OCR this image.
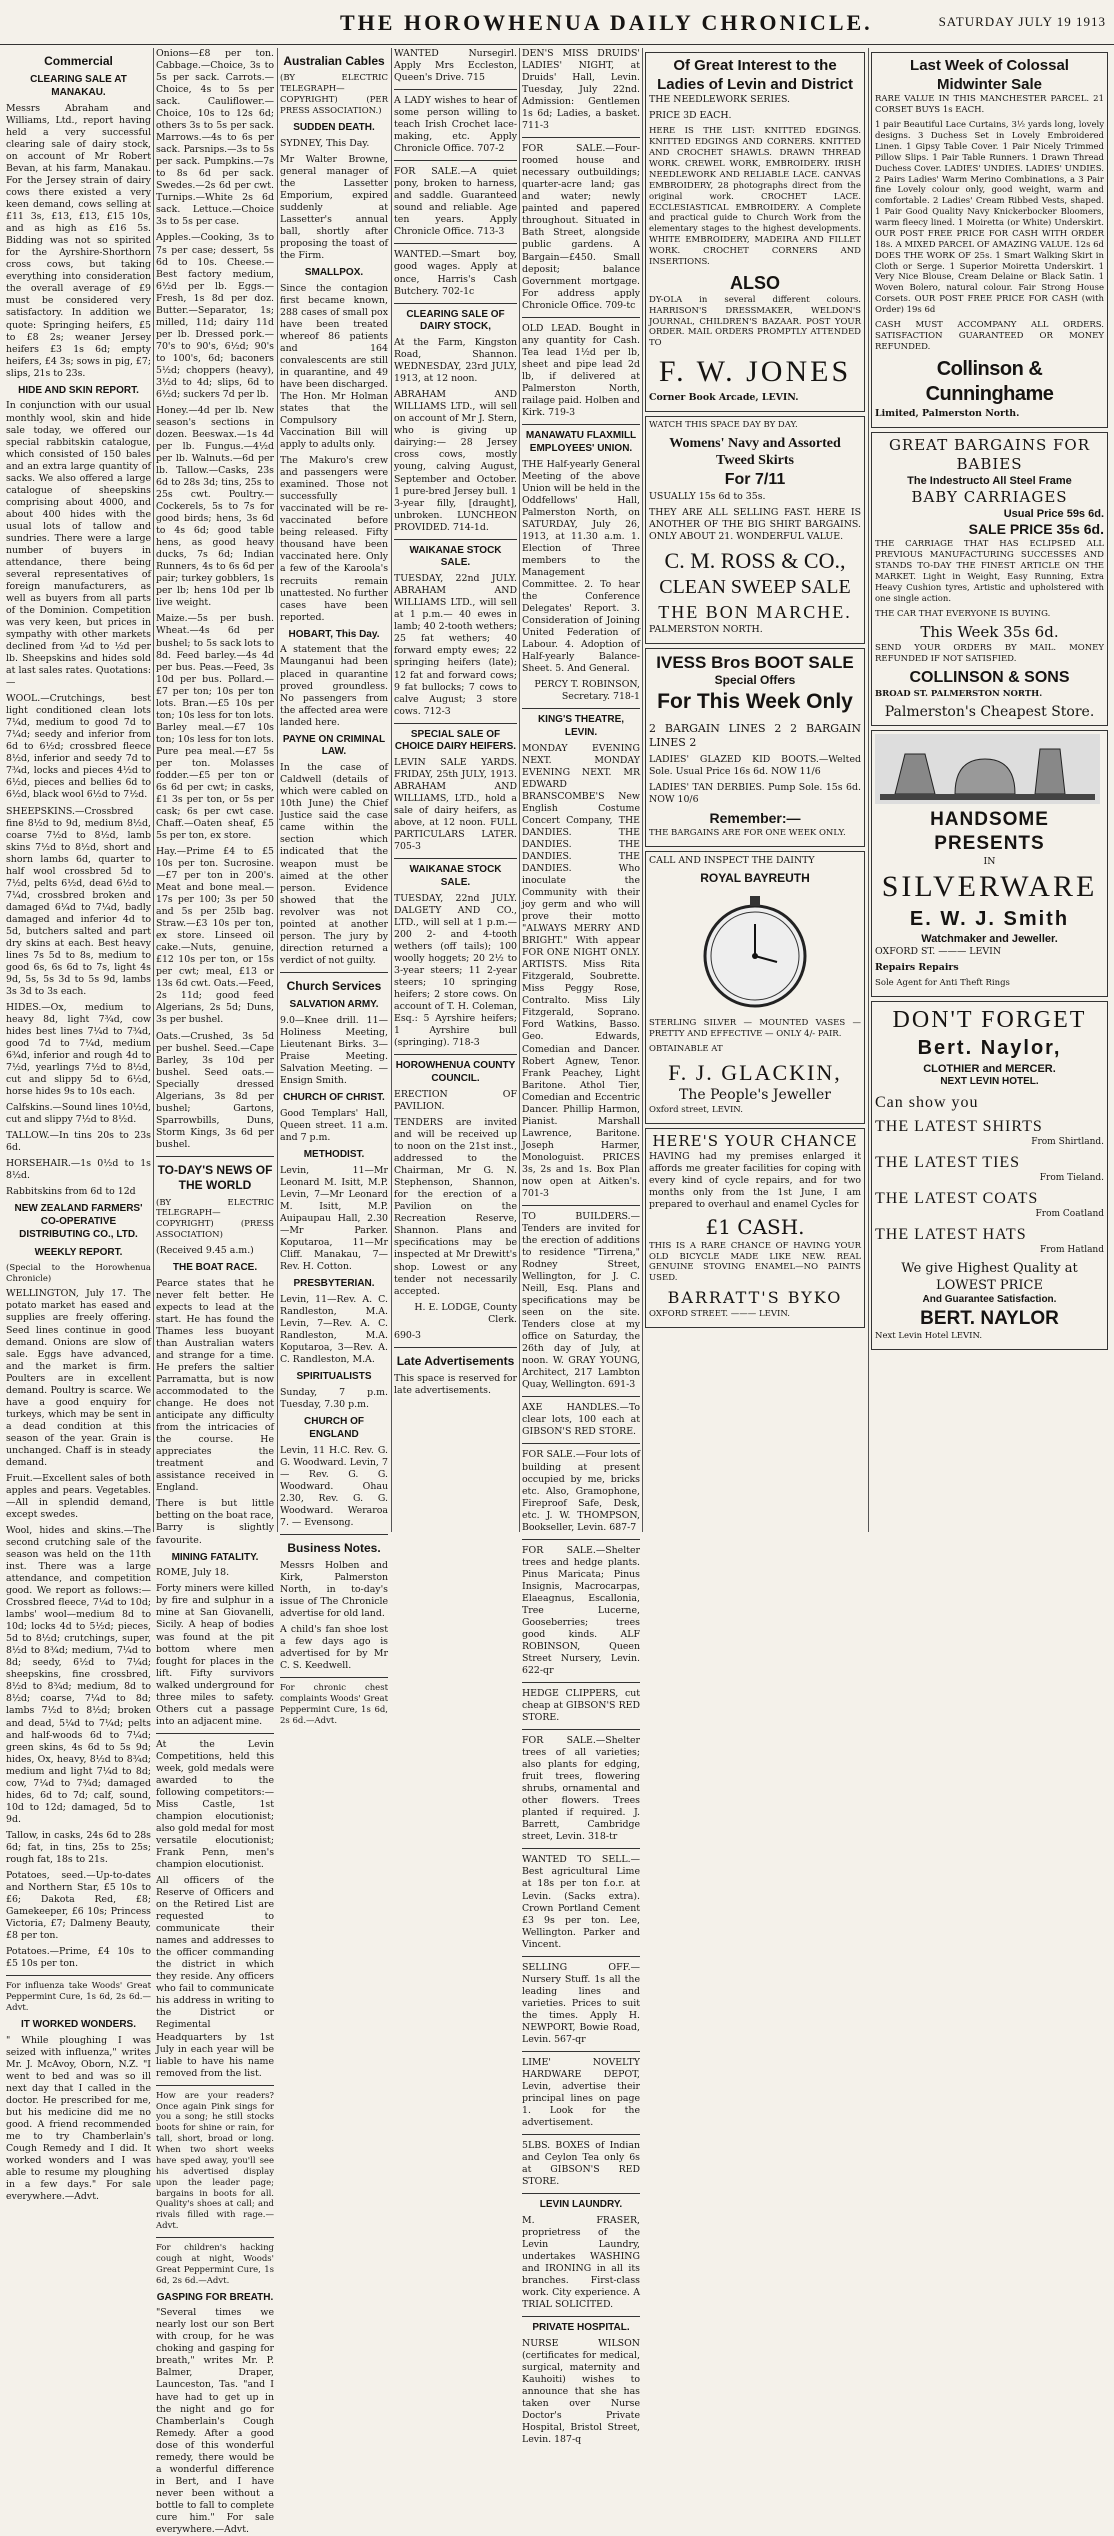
THE HOROWHENUA DAILY CHRONICLE.	SATURDAY JULY 19 1913
Commercial
CLEARING SALE AT MANAKAU.

Messrs Abraham and Williams, Ltd., report having held a very successful clearing sale of dairy stock, on account of Mr Robert Bevan, at his farm, Manakau. For the Jersey strain of dairy cows there existed a very keen demand, cows selling at £11 3s, £13, £13, £15 10s, and as high as £16 5s. Bidding was not so spirited for the Ayrshire-Shorthorn cross cows, but taking everything into consideration the overall average of £9 must be considered very satisfactory. In addition we quote: Springing heifers, £5 to £8 2s; weaner Jersey heifers £3 1s 6d; empty heifers, £4 3s; sows in pig, £7; slips, 21s to 23s.

HIDE AND SKIN REPORT.

In conjunction with our usual monthly wool, skin and hide sale today, we offered our special rabbitskin catalogue, which consisted of 150 bales and an extra large quantity of sacks. We also offered a large catalogue of sheepskins comprising about 4000, and about 400 hides with the usual lots of tallow and sundries. There were a large number of buyers in attendance, there being several representatives of foreign manufacturers, as well as buyers from all parts of the Dominion. Competition was very keen, but prices in sympathy with other markets declined from ¼d to ½d per lb. Sheepskins and hides sold at last sales rates. Quotations:—

WOOL.—Crutchings, best light conditioned clean lots 7¼d, medium to good 7d to 7¼d; seedy and inferior from 6d to 6½d; crossbred fleece 8½d, inferior and seedy 7d to 7¾d, locks and pieces 4½d to 6½d, pieces and bellies 6d to 6½d, black wool 6½d to 7½d.

SHEEPSKINS.—Crossbred fine 8½d to 9d, medium 8½d, coarse 7½d to 8½d, lamb skins 7½d to 8½d, short and shorn lambs 6d, quarter to half wool crossbred 5d to 7½d, pelts 6½d, dead 6½d to 7¼d, crossbred broken and damaged 6¼d to 7¼d, badly damaged and inferior 4d to 5d, butchers salted and part dry skins at each. Best heavy lines 7s 5d to 8s, medium to good 6s, 6s 6d to 7s, light 4s 9d, 5s, 5s 3d to 5s 9d, lambs 3s 3d to 3s each.

HIDES.—Ox, medium to heavy 8d, light 7¾d, cow hides best lines 7¼d to 7¾d, good 7d to 7¼d, medium 6¾d, inferior and rough 4d to 7½d, yearlings 7½d to 8½d, cut and slippy 5d to 6½d, horse hides 9s to 10s each.

Calfskins.—Sound lines 10½d, cut and slippy 7½d to 8½d.

TALLOW.—In tins 20s to 23s 6d.

HORSEHAIR.—1s 0½d to 1s 8½d.

Rabbitskins from 6d to 12d

NEW ZEALAND FARMERS' CO-OPERATIVE DISTRIBUTING CO., LTD.
WEEKLY REPORT.

(Special to the Horowhenua Chronicle)

WELLINGTON, July 17. The potato market has eased and supplies are freely offering. Seed lines continue in good demand. Onions are slow of sale. Eggs have advanced, and the market is firm. Poulters are in excellent demand. Poultry is scarce. We have a good enquiry for turkeys, which may be sent in a dead condition at this season of the year. Grain is unchanged. Chaff is in steady demand.

Fruit.—Excellent sales of both apples and pears. Vegetables.—All in splendid demand, except swedes.

Wool, hides and skins.—The second crutching sale of the season was held on the 11th inst. There was a large attendance, and competition good. We report as follows:—Crossbred fleece, 7¼d to 10d; lambs' wool—medium 8d to 10d; locks 4d to 5½d; pieces, 5d to 8½d; crutchings, super, 8½d to 8¾d; medium, 7¼d to 8d; seedy, 6½d to 7¼d; sheepskins, fine crossbred, 8½d to 8¾d; medium, 8d to 8½d; coarse, 7¼d to 8d; lambs 7½d to 8½d; broken and dead, 5¼d to 7¼d; pelts and half-woods 6d to 7¼d; green skins, 4s 6d to 5s 9d; hides, Ox, heavy, 8½d to 8¾d; medium and light 7¼d to 8d; cow, 7¼d to 7¾d; damaged hides, 6d to 7d; calf, sound, 10d to 12d; damaged, 5d to 9d.

Tallow, in casks, 24s 6d to 28s 6d; fat, in tins, 25s to 25s; rough fat, 18s to 21s.

Potatoes, seed.—Up-to-dates and Northern Star, £5 10s to £6; Dakota Red, £8; Gamekeeper, £6 10s; Princess Victoria, £7; Dalmeny Beauty, £8 per ton.

Potatoes.—Prime, £4 10s to £5 10s per ton.

For influenza take Woods' Great Peppermint Cure, 1s 6d, 2s 6d.—Advt.

IT WORKED WONDERS.

" While ploughing I was seized with influenza," writes Mr. J. McAvoy, Oborn, N.Z. "I went to bed and was so ill next day that I called in the doctor. He prescribed for me, but his medicine did me no good. A friend recommended me to try Chamberlain's Cough Remedy and I did. It worked wonders and I was able to resume my ploughing in a few days." For sale everywhere.—Advt.

Onions—£8 per ton. Cabbage.—Choice, 3s to 5s per sack. Carrots.—Choice, 4s to 5s per sack. Cauliflower.—Choice, 10s to 12s 6d; others 3s to 5s per sack. Marrows.—4s to 6s per sack. Parsnips.—3s to 5s per sack. Pumpkins.—7s to 8s 6d per sack. Swedes.—2s 6d per cwt. Turnips.—White 2s 6d sack. Lettuce.—Choice 3s to 5s per case.

Apples.—Cooking, 3s to 7s per case; dessert, 5s 6d to 10s. Cheese.—Best factory medium, 6½d per lb. Eggs.—Fresh, 1s 8d per doz. Butter.—Separator, 1s; milled, 11d; dairy 11d per lb. Dressed pork.—70's to 90's, 6½d; 90's to 100's, 6d; baconers 5½d; choppers (heavy), 3½d to 4d; slips, 6d to 6½d; suckers 7d per lb.

Honey.—4d per lb. New season's sections in dozen. Beeswax.—1s 4d per lb. Fungus.—4½d per lb. Walnuts.—6d per lb. Tallow.—Casks, 23s 6d to 28s 3d; tins, 25s to 25s cwt. Poultry.—Cockerels, 5s to 7s for good birds; hens, 3s 6d to 4s 6d; good table hens, as good heavy ducks, 7s 6d; Indian Runners, 4s to 6s 6d per pair; turkey gobblers, 1s per lb; hens 10d per lb live weight.

Maize.—5s per bush. Wheat.—4s 6d per bushel; to 5s sack lots to 8d. Feed barley.—4s 4d per bus. Peas.—Feed, 3s 10d per bus. Pollard.—£7 per ton; 10s per ton lots. Bran.—£5 10s per ton; 10s less for ton lots. Barley meal.—£7 10s ton; 10s less for ton lots. Pure pea meal.—£7 5s per ton. Molasses fodder.—£5 per ton or 6s 6d per cwt; in casks, £1 3s per ton, or 5s per cask; 6s per cwt case. Chaff.—Oaten sheaf, £5 5s per ton, ex store.

Hay.—Prime £4 to £5 10s per ton. Sucrosine.—£7 per ton in 200's. Meat and bone meal.—17s per 100; 3s per 50 and 5s per 25lb bag. Straw.—£3 10s per ton, ex store. Linseed oil cake.—Nuts, genuine, £12 10s per ton, or 15s per cwt; meal, £13 or 13s 6d cwt. Oats.—Feed, 2s 11d; good feed Algerians, 2s 5d; Duns, 3s per bushel.

Oats.—Crushed, 3s 5d per bushel. Seed.—Cape Barley, 3s 10d per bushel. Seed oats.—Specially dressed Algerians, 3s 8d per bushel; Gartons, Sparrowbills, Duns, Storm Kings, 3s 6d per bushel.

TO-DAY'S NEWS OF THE WORLD

(BY ELECTRIC TELEGRAPH—COPYRIGHT) (PRESS ASSOCIATION)

(Received 9.45 a.m.)

THE BOAT RACE.

Pearce states that he never felt better. He expects to lead at the start. He has found the Thames less buoyant than Australian waters and strange for a time. He prefers the saltier Parramatta, but is now accommodated to the change. He does not anticipate any difficulty from the intricacies of the course. He appreciates the treatment and assistance received in England.

There is but little betting on the boat race, Barry is slightly favourite.

MINING FATALITY.

ROME, July 18.

Forty miners were killed by fire and sulphur in a mine at San Giovanelli, Sicily. A heap of bodies was found at the pit bottom where men fought for places in the lift. Fifty survivors walked underground for three miles to safety. Others cut a passage into an adjacent mine.

At the Levin Competitions, held this week, gold medals were awarded to the following competitors:—Miss Castle, 1st champion elocutionist; also gold medal for most versatile elocutionist; Frank Penn, men's champion elocutionist.

All officers of the Reserve of Officers and on the Retired List are requested to communicate their names and addresses to the officer commanding the district in which they reside. Any officers who fail to communicate his address in writing to the District or Regimental Headquarters by 1st July in each year will be liable to have his name removed from the list.

How are your readers? Once again Pink sings for you a song; he still stocks boots for shine or rain, for tall, short, broad or long. When two short weeks have sped away, you'll see his advertised display upon the leader page; bargains in boots for all. Quality's shoes at call; and rivals filled with rage.—Advt.

For children's hacking cough at night, Woods' Great Peppermint Cure, 1s 6d, 2s 6d.—Advt.

GASPING FOR BREATH.

"Several times we nearly lost our son Bert with croup, for he was choking and gasping for breath," writes Mr. P. Balmer, Draper, Launceston, Tas. "and I have had to get up in the night and go for Chamberlain's Cough Remedy. After a good dose of this wonderful remedy, there would be a wonderful difference in Bert, and I have never been without a bottle to fall to complete cure him." For sale everywhere.—Advt.

Australian Cables

(BY ELECTRIC TELEGRAPH—COPYRIGHT) (PER PRESS ASSOCIATION.)

SUDDEN DEATH.

SYDNEY, This Day.

Mr Walter Browne, general manager of the Lassetter Emporium, expired suddenly at Lassetter's annual ball, shortly after proposing the toast of the Firm.

SMALLPOX.

Since the contagion first became known, 288 cases of small pox have been treated whereof 86 patients and 164 convalescents are still in quarantine, and 49 have been discharged. The Hon. Mr Holman states that the Compulsory Vaccination Bill will apply to adults only.

The Makuro's crew and passengers were examined. Those not successfully vaccinated will be re-vaccinated before being released. Fifty thousand have been vaccinated here. Only a few of the Karoola's recruits remain unattested. No further cases have been reported.

HOBART, This Day.

A statement that the Maunganui had been placed in quarantine proved groundless. No passengers from the affected area were landed here.

PAYNE ON CRIMINAL LAW.

In the case of Caldwell (details of which were cabled on 10th June) the Chief Justice said the case came within the section which indicated that the weapon must be aimed at the other person. Evidence showed that the revolver was not pointed at another person. The jury by direction returned a verdict of not guilty.

Church Services
SALVATION ARMY.

9.0—Knee drill. 11—Holiness Meeting, Lieutenant Birks. 3—Praise Meeting. Salvation Meeting. — Ensign Smith.

CHURCH OF CHRIST.

Good Templars' Hall, Queen street. 11 a.m. and 7 p.m.

METHODIST.

Levin, 11—Mr Leonard M. Isitt, M.P. Levin, 7—Mr Leonard M. Isitt, M.P. Auipaupau Hall, 2.30—Mr Parker. Koputaroa, 11—Mr Cliff. Manakau, 7—Rev. H. Cotton.

PRESBYTERIAN.

Levin, 11—Rev. A. C. Randleston, M.A. Levin, 7—Rev. A. C. Randleston, M.A. Koputaroa, 3—Rev. A. C. Randleston, M.A.

SPIRITUALISTS

Sunday, 7 p.m. Tuesday, 7.30 p.m.

CHURCH OF ENGLAND

Levin, 11 H.C. Rev. G. G. Woodward. Levin, 7 — Rev. G. G. Woodward. Ohau 2.30, Rev. G. G. Woodward. Weraroa 7. — Evensong.

Business Notes.

Messrs Holben and Kirk, Palmerston North, in to-day's issue of The Chronicle advertise for old land.

A child's fan shoe lost a few days ago is advertised for by Mr C. S. Keedwell.

For chronic chest complaints Woods' Great Peppermint Cure, 1s 6d, 2s 6d.—Advt.

WANTED Nursegirl. Apply Mrs Eccleston, Queen's Drive. 715

A LADY wishes to hear of some person willing to teach Irish Crochet lace-making, etc. Apply Chronicle Office. 707-2

FOR SALE.—A quiet pony, broken to harness, and saddle. Guaranteed sound and reliable. Age ten years. Apply Chronicle Office. 713-3

WANTED.—Smart boy, good wages. Apply at once, Harris's Cash Butchery. 702-1c

CLEARING SALE OF DAIRY STOCK,

At the Farm, Kingston Road, Shannon. WEDNESDAY, 23rd JULY, 1913, at 12 noon.

ABRAHAM AND WILLIAMS LTD., will sell on account of Mr J. Stern, who is giving up dairying:— 28 Jersey cross cows, mostly young, calving August, September and October. 1 pure-bred Jersey bull. 1 3-year filly, [draught], unbroken. LUNCHEON PROVIDED. 714-1d.

WAIKANAE STOCK SALE.

TUESDAY, 22nd JULY. ABRAHAM AND WILLIAMS LTD., will sell at 1 p.m.— 40 ewes in lamb; 40 2-tooth wethers; 25 fat wethers; 40 forward empty ewes; 22 springing heifers (late); 12 fat and forward cows; 9 fat bullocks; 7 cows to calve August; 3 store cows. 712-3

SPECIAL SALE OF CHOICE DAIRY HEIFERS.

LEVIN SALE YARDS. FRIDAY, 25th JULY, 1913. ABRAHAM AND WILLIAMS, LTD., hold a sale of dairy heifers, as above, at 12 noon. FULL PARTICULARS LATER. 705-3

WAIKANAE STOCK SALE.

TUESDAY, 22nd JULY. DALGETY AND CO., LTD., will sell at 1 p.m.— 200 2- and 4-tooth wethers (off tails); 100 woolly hoggets; 20 2½ to 3-year steers; 11 2-year steers; 10 springing heifers; 2 store cows. On account of T. H. Coleman, Esq.: 5 Ayrshire heifers; 1 Ayrshire bull (springing). 718-3

HOROWHENUA COUNTY COUNCIL.

ERECTION OF PAVILION.

TENDERS are invited and will be received up to noon on the 21st inst., addressed to the Chairman, Mr G. N. Stephenson, Shannon, for the erection of a Pavilion on the Recreation Reserve, Shannon. Plans and specifications may be inspected at Mr Drewitt's shop. Lowest or any tender not necessarily accepted.

H. E. LODGE, County Clerk.

690-3

Late Advertisements

This space is reserved for late advertisements.

DEN'S MISS DRUIDS' LADIES' NIGHT, at Druids' Hall, Levin. Tuesday, July 22nd. Admission: Gentlemen 1s 6d; Ladies, a basket. 711-3

FOR SALE.—Four-roomed house and necessary outbuildings; quarter-acre land; gas and water; newly painted and papered throughout. Situated in Bath Street, alongside public gardens. A Bargain—£450. Small deposit; balance Government mortgage. For address apply Chronicle Office. 709-tc

OLD LEAD. Bought in any quantity for Cash. Tea lead 1½d per lb, sheet and pipe lead 2d lb, if delivered at Palmerston North, railage paid. Holben and Kirk. 719-3

MANAWATU FLAXMILL EMPLOYEES' UNION.

THE Half-yearly General Meeting of the above Union will be held in the Oddfellows' Hall, Palmerston North, on SATURDAY, July 26, 1913, at 11.30 a.m. 1. Election of Three members to the Management Committee. 2. To hear the Conference Delegates' Report. 3. Consideration of Joining United Federation of Labour. 4. Adoption of Half-yearly Balance-Sheet. 5. And General.

PERCY T. ROBINSON, Secretary. 718-1

KING'S THEATRE, LEVIN.

MONDAY EVENING NEXT. MONDAY EVENING NEXT. MR EDWARD BRANSCOMBE'S New English Costume Concert Company, THE DANDIES. THE DANDIES. THE DANDIES. THE DANDIES. Who inoculate the Community with their joy germ and who will prove their motto "ALWAYS MERRY AND BRIGHT." With appear FOR ONE NIGHT ONLY. ARTISTS. Miss Rita Fitzgerald, Soubrette. Miss Peggy Rose, Contralto. Miss Lily Fitzgerald, Soprano. Ford Watkins, Basso. Geo. Edwards, Comedian and Dancer. Robert Agnew, Tenor. Frank Peachey, Light Baritone. Athol Tier, Comedian and Eccentric Dancer. Phillip Harmon, Pianist. Marshall Lawrence, Baritone. Joseph Harmer, Monologuist. PRICES 3s, 2s and 1s. Box Plan now open at Aitken's. 701-3

TO BUILDERS.—Tenders are invited for the erection of additions to residence "Tirrena," Rodney Street, Wellington, for J. C. Neill, Esq. Plans and specifications may be seen on the site. Tenders close at my office on Saturday, the 26th day of July, at noon. W. GRAY YOUNG, Architect, 217 Lambton Quay, Wellington. 691-3

AXE HANDLES.—To clear lots, 100 each at GIBSON'S RED STORE.

FOR SALE.—Four lots of building at present occupied by me, bricks etc. Also, Gramophone, Fireproof Safe, Desk, etc. J. W. THOMPSON, Bookseller, Levin. 687-7

FOR SALE.—Shelter trees and hedge plants. Pinus Maricata; Pinus Insignis, Macrocarpas, Elaeagnus, Escallonia, Tree Lucerne, Gooseberries; trees good kinds. ALF ROBINSON, Queen Street Nursery, Levin. 622-qr

HEDGE CLIPPERS, cut cheap at GIBSON'S RED STORE.

FOR SALE.—Shelter trees of all varieties; also plants for edging, fruit trees, flowering shrubs, ornamental and other flowers. Trees planted if required. J. Barrett, Cambridge street, Levin. 318-tr

WANTED TO SELL.—Best agricultural Lime at 18s per ton f.o.r. at Levin. (Sacks extra). Crown Portland Cement £3 9s per ton. Lee, Wellington. Parker and Vincent.

SELLING OFF.—Nursery Stuff. 1s all the leading lines and varieties. Prices to suit the times. Apply H. NEWPORT, Bowie Road, Levin. 567-qr

LIME' NOVELTY HARDWARE DEPOT, Levin, advertise their principal lines on page 1. Look for the advertisement.

5LBS. BOXES of Indian and Ceylon Tea only 6s at GIBSON'S RED STORE.

LEVIN LAUNDRY.

M. FRASER, proprietress of the Levin Laundry, undertakes WASHING and IRONING in all its branches. First-class work. City experience. A TRIAL SOLICITED.

PRIVATE HOSPITAL.

NURSE WILSON (certificates for medical, surgical, maternity and Kauhoiti) wishes to announce that she has taken over Nurse Doctor's Private Hospital, Bristol Street, Levin. 187-q

Of Great Interest to the Ladies of Levin and District

THE NEEDLEWORK SERIES.

PRICE 3D EACH.

HERE IS THE LIST: KNITTED EDGINGS. KNITTED EDGINGS AND CORNERS. KNITTED AND CROCHET SHAWLS. DRAWN THREAD WORK. CREWEL WORK, EMBROIDERY. IRISH NEEDLEWORK AND RELIABLE LACE. CANVAS EMBROIDERY, 28 photographs direct from the original work. CROCHET LACE. ECCLESIASTICAL EMBROIDERY. A Complete and practical guide to Church Work from the elementary stages to the highest developments. WHITE EMBROIDERY, MADEIRA AND FILLET WORK. CROCHET CORNERS AND INSERTIONS.

ALSO

DY-OLA in several different colours. HARRISON'S DRESSMAKER, WELDON'S JOURNAL, CHILDREN'S BAZAAR. POST YOUR ORDER. MAIL ORDERS PROMPTLY ATTENDED TO

F. W. JONES

Corner Book Arcade, LEVIN.

WATCH THIS SPACE DAY BY DAY.

Womens' Navy and Assorted Tweed Skirts
For 7/11

USUALLY 15s 6d to 35s.

THEY ARE ALL SELLING FAST. HERE IS ANOTHER OF THE BIG SHIRT BARGAINS. ONLY ABOUT 21. WONDERFUL VALUE.

C. M. ROSS & CO.,
CLEAN SWEEP SALE
THE BON MARCHE.

PALMERSTON NORTH.

IVESS Bros BOOT SALE
Special Offers
For This Week Only

2 BARGAIN LINES 2 2 BARGAIN LINES 2

LADIES' GLAZED KID BOOTS.—Welted Sole. Usual Price 16s 6d. NOW 11/6

LADIES' TAN DERBIES. Pump Sole. 15s 6d. NOW 10/6

Remember:—

THE BARGAINS ARE FOR ONE WEEK ONLY.

CALL AND INSPECT THE DAINTY

ROYAL BAYREUTH

STERLING SILVER — MOUNTED VASES — PRETTY AND EFFECTIVE — ONLY 4/- PAIR.

OBTAINABLE AT

F. J. GLACKIN,
The People's Jeweller

Oxford street, LEVIN.

HERE'S YOUR CHANCE

HAVING had my premises enlarged it affords me greater facilities for coping with every kind of cycle repairs, and for two months only from the 1st June, I am prepared to overhaul and enamel Cycles for

£1 CASH.

THIS IS A RARE CHANCE OF HAVING YOUR OLD BICYCLE MADE LIKE NEW. REAL GENUINE STOVING ENAMEL—NO PAINTS USED.

BARRATT'S BYKO

OXFORD STREET. ——— LEVIN.

Last Week of Colossal Midwinter Sale

RARE VALUE IN THIS MANCHESTER PARCEL. 21 CORSET BUYS 1s EACH.

1 pair Beautiful Lace Curtains, 3½ yards long, lovely designs. 3 Duchess Set in Lovely Embroidered Linen. 1 Gipsy Table Cover. 1 Pair Nicely Trimmed Pillow Slips. 1 Pair Table Runners. 1 Drawn Thread Duchess Cover. LADIES' UNDIES. LADIES' UNDIES. 2 Pairs Ladies' Warm Merino Combinations, a 3 Pair fine Lovely colour only, good weight, warm and comfortable. 2 Ladies' Cream Ribbed Vests, shaped. 1 Pair Good Quality Navy Knickerbocker Bloomers, warm fleecy lined. 1 Moiretta (or White) Underskirt. OUR POST FREE PRICE FOR CASH WITH ORDER 18s. A MIXED PARCEL OF AMAZING VALUE. 12s 6d DOES THE WORK OF 25s. 1 Smart Walking Skirt in Cloth or Serge. 1 Superior Moiretta Underskirt. 1 Very Nice Blouse, Cream Delaine or Black Satin. 1 Woven Bolero, natural colour. Fair Strong House Corsets. OUR POST FREE PRICE FOR CASH (with Order) 19s 6d

CASH MUST ACCOMPANY ALL ORDERS. SATISFACTION GUARANTEED OR MONEY REFUNDED.

Collinson & Cunninghame

Limited, Palmerston North.

GREAT BARGAINS FOR BABIES
The Indestructo All Steel Frame
BABY CARRIAGES
Usual Price 59s 6d.
SALE PRICE 35s 6d.

THE CARRIAGE THAT HAS ECLIPSED ALL PREVIOUS MANUFACTURING SUCCESSES AND STANDS TO-DAY THE FINEST ARTICLE ON THE MARKET. Light in Weight, Easy Running, Extra Heavy Cushion tyres, Artistic and upholstered with one single action.

THE CAR THAT EVERYONE IS BUYING.

This Week 35s 6d.

SEND YOUR ORDERS BY MAIL. MONEY REFUNDED IF NOT SATISFIED.

COLLINSON & SONS

BROAD ST. PALMERSTON NORTH.

Palmerston's Cheapest Store.
HANDSOME PRESENTS
IN
SILVERWARE
E. W. J. Smith
Watchmaker and Jeweller.

OXFORD ST. ——— LEVIN

Repairs Repairs

Sole Agent for Anti Theft Rings

DON'T FORGET
Bert. Naylor,
CLOTHIER and MERCER.
NEXT LEVIN HOTEL.
Can show you
THE LATEST SHIRTS
From Shirtland.
THE LATEST TIES
From Tieland.
THE LATEST COATS
From Coatland
THE LATEST HATS
From Hatland
We give Highest Quality at LOWEST PRICE
And Guarantee Satisfaction.
BERT. NAYLOR

Next Levin Hotel LEVIN.
